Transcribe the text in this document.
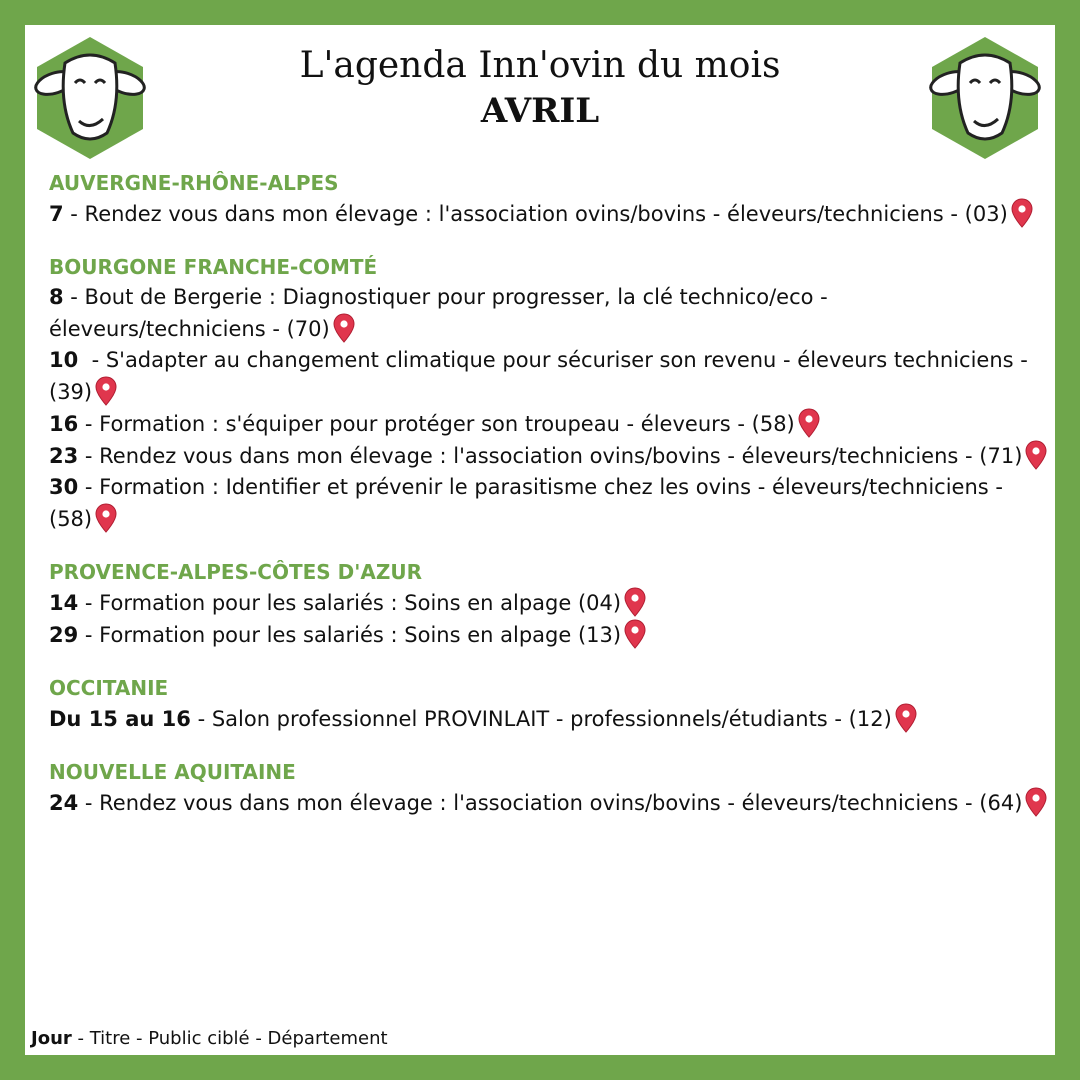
L'agenda Inn'ovin du mois
AVRIL
AUVERGNE-RHÔNE-ALPES
7 - Rendez vous dans mon élevage : l'association ovins/bovins - éleveurs/techniciens - (03)
BOURGONE FRANCHE-COMTÉ
8 - Bout de Bergerie : Diagnostiquer pour progresser, la clé technico/eco - éleveurs/techniciens - (70)
10  - S'adapter au changement climatique pour sécuriser son revenu - éleveurs techniciens - (39)
16 - Formation : s'équiper pour protéger son troupeau - éleveurs - (58)
23 - Rendez vous dans mon élevage : l'association ovins/bovins - éleveurs/techniciens - (71)
30 - Formation : Identifier et prévenir le parasitisme chez les ovins - éleveurs/techniciens - (58)
PROVENCE-ALPES-CÔTES D'AZUR
14 - Formation pour les salariés : Soins en alpage (04)
29 - Formation pour les salariés : Soins en alpage (13)
OCCITANIE
Du 15 au 16 - Salon professionnel PROVINLAIT - professionnels/étudiants - (12)
NOUVELLE AQUITAINE
24 - Rendez vous dans mon élevage : l'association ovins/bovins - éleveurs/techniciens - (64)
Jour - Titre - Public ciblé - Département
